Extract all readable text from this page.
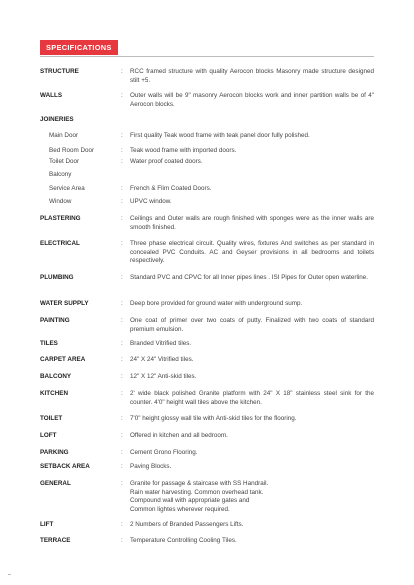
SPECIFICATIONS
STRUCTURE	: RCC framed structure with quality Aerocon blocks Masonry made structure designed stilt +5.
WALLS	: Outer walls will be 9" masonry Aerocon blocks work and inner partition walls be of 4" Aerocon blocks.
JOINERIES
Main Door	: First quality Teak wood frame with teak panel door fully polished.
Bed Room Door	: Teak wood frame with imported doors.
Toilet Door	: Water proof coated doors.
Balcony
Service Area	: French & Flim Coated Doors.
Window	: UPVC window.
PLASTERING	: Ceilings and Outer walls are rough finished with sponges were as the inner walls are smooth finished.
ELECTRICAL	: Three phase electrical circuit. Quality wires, fixtures And switches as per standard in concealed PVC Conduits. AC and Geyser provisions in all bedrooms and toilets respectively.
PLUMBING	: Standard PVC and CPVC for all Inner pipes lines . ISI Pipes for Outer open waterline.
WATER SUPPLY	: Deep bore provided for ground water with underground sump.
PAINTING	: One coat of primer over two coats of putty. Finalized with two coats of standard premium emulsion.
TILES	: Branded Vitrified tiles.
CARPET AREA	: 24" X 24" Vitrified tiles.
BALCONY	: 12" X 12" Anti-skid tiles.
KITCHEN	: 2' wide black polished Granite platform with 24" X 18" stainless steel sink for the counter. 4'0" height wall tiles above the kitchen.
TOILET	: 7'0" height glossy wall tile with Anti-skid tiles for the flooring.
LOFT	: Offered in kitchen and all bedroom.
PARKING	: Cement Grono Flooring.
SETBACK AREA	: Paving Blocks.
GENERAL	: Granite for passage & staircase with SS Handrail.
Rain water harvesting. Common overhead tank.
Compound wall with appropriate gates and
Common lightes wherever required.
LIFT	: 2 Numbers of Branded Passengers Lifts.
TERRACE	: Temperature Controlling Cooling Tiles.
